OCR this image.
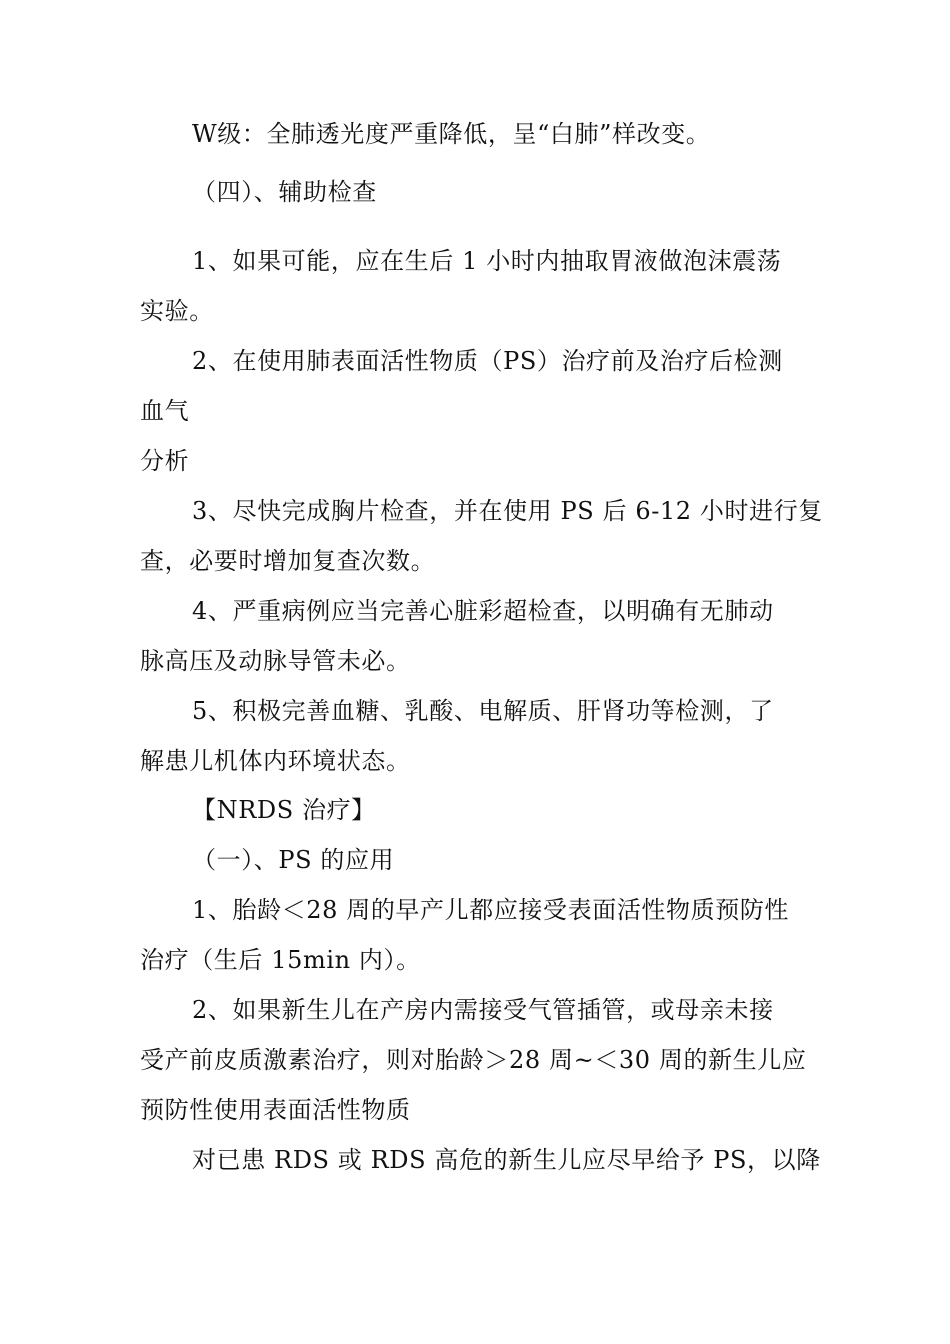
W级：全肺透光度严重降低，呈“白肺”样改变。
（四）、辅助检查
1、如果可能，应在生后 1 小时内抽取胃液做泡沫震荡
实验。
2、在使用肺表面活性物质（PS）治疗前及治疗后检测
血气
分析
3、尽快完成胸片检查，并在使用 PS 后 6-12 小时进行复
查，必要时增加复查次数。
4、严重病例应当完善心脏彩超检查，以明确有无肺动
脉高压及动脉导管未必。
5、积极完善血糖、乳酸、电解质、肝肾功等检测，了
解患儿机体内环境状态。
【NRDS 治疗】
（一）、PS 的应用
1、胎龄＜28 周的早产儿都应接受表面活性物质预防性
治疗（生后 15min 内）。
2、如果新生儿在产房内需接受气管插管，或母亲未接
受产前皮质激素治疗，则对胎龄＞28 周~＜30 周的新生儿应
预防性使用表面活性物质
对已患 RDS 或 RDS 高危的新生儿应尽早给予 PS，以降
